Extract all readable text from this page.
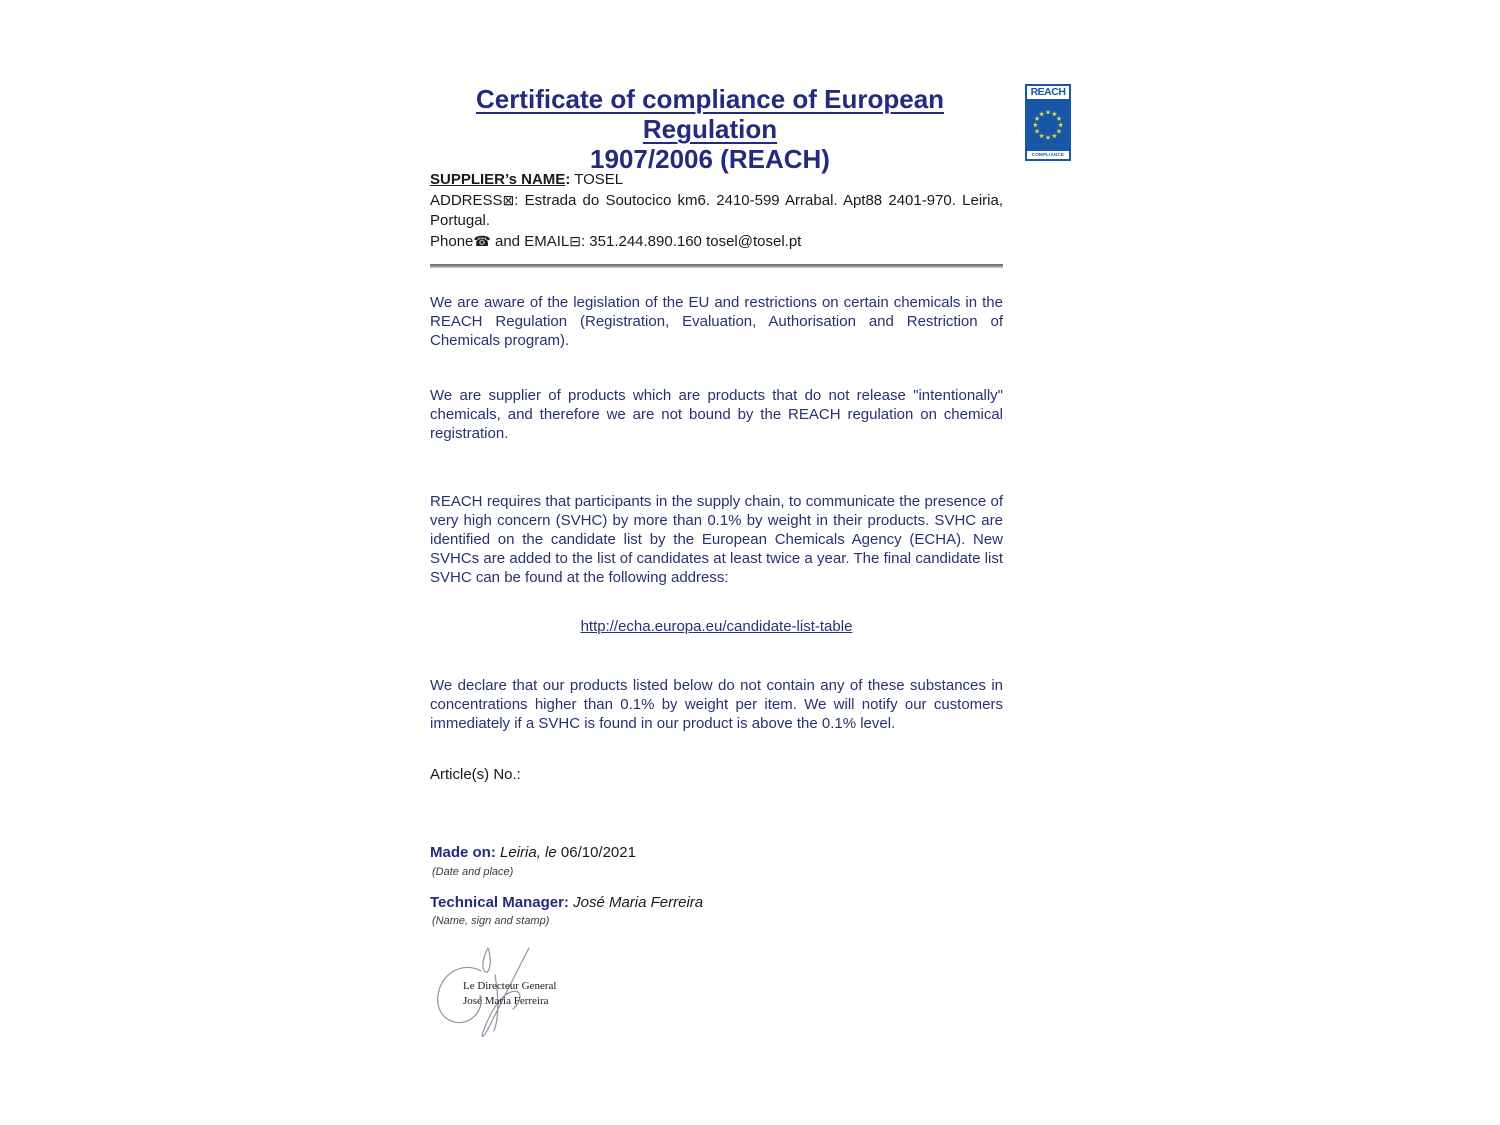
Certificate of compliance of European Regulation
1907/2006 (REACH)
REACH
COMPLIANCE
SUPPLIER’s NAME: TOSEL
ADDRESS⊠: Estrada do Soutocico km6. 2410-599 Arrabal. Apt88 2401-970. Leiria, Portugal.
Phone☎ and EMAIL⊟: 351.244.890.160 tosel@tosel.pt
We are aware of the legislation of the EU and restrictions on certain chemicals in the REACH Regulation (Registration, Evaluation, Authorisation and Restriction of Chemicals program).
We are supplier of products which are products that do not release "intentionally" chemicals, and therefore we are not bound by the REACH regulation on chemical registration.
REACH requires that participants in the supply chain, to communicate the presence of very high concern (SVHC) by more than 0.1% by weight in their products. SVHC are identified on the candidate list by the European Chemicals Agency (ECHA). New SVHCs are added to the list of candidates at least twice a year. The final candidate list SVHC can be found at the following address:
http://echa.europa.eu/candidate-list-table
We declare that our products listed below do not contain any of these substances in concentrations higher than 0.1% by weight per item. We will notify our customers immediately if a SVHC is found in our product is above the 0.1% level.
Article(s) No.:
Made on: Leiria, le 06/10/2021
(Date and place)
Technical Manager: José Maria Ferreira
(Name, sign and stamp)
Le Directeur General
José Maria Ferreira
